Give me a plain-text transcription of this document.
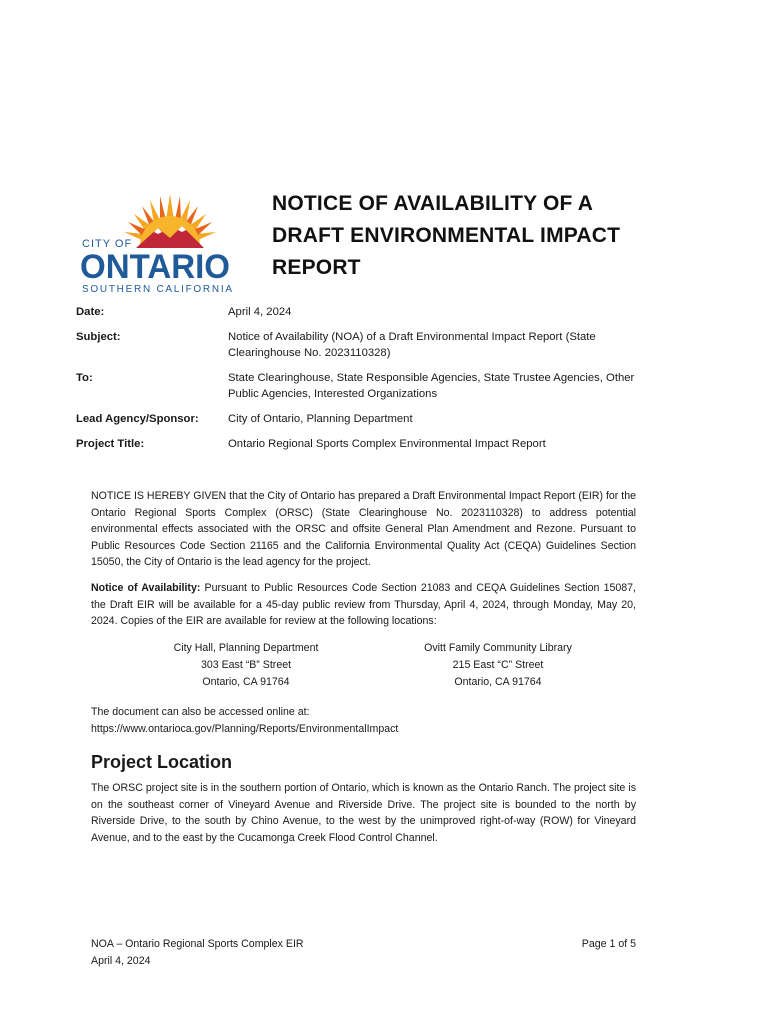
CITY OF
ONTARIO
SOUTHERN CALIFORNIA
NOTICE OF AVAILABILITY OF A
DRAFT ENVIRONMENTAL IMPACT
REPORT
Date:	April 4, 2024
Subject:	Notice of Availability (NOA) of a Draft Environmental Impact Report (State Clearinghouse No. 2023110328)
To:	State Clearinghouse, State Responsible Agencies, State Trustee Agencies, Other Public Agencies, Interested Organizations
Lead Agency/Sponsor:	City of Ontario, Planning Department
Project Title:	Ontario Regional Sports Complex Environmental Impact Report
NOTICE IS HEREBY GIVEN that the City of Ontario has prepared a Draft Environmental Impact Report (EIR) for the Ontario Regional Sports Complex (ORSC) (State Clearinghouse No. 2023110328) to address potential environmental effects associated with the ORSC and offsite General Plan Amendment and Rezone. Pursuant to Public Resources Code Section 21165 and the California Environmental Quality Act (CEQA) Guidelines Section 15050, the City of Ontario is the lead agency for the project.
Notice of Availability: Pursuant to Public Resources Code Section 21083 and CEQA Guidelines Section 15087, the Draft EIR will be available for a 45-day public review from Thursday, April 4, 2024, through Monday, May 20, 2024. Copies of the EIR are available for review at the following locations:
City Hall, Planning Department
303 East “B” Street
Ontario, CA 91764
Ovitt Family Community Library
215 East “C” Street
Ontario, CA 91764
The document can also be accessed online at:
https://www.ontarioca.gov/Planning/Reports/EnvironmentalImpact
Project Location
The ORSC project site is in the southern portion of Ontario, which is known as the Ontario Ranch. The project site is on the southeast corner of Vineyard Avenue and Riverside Drive. The project site is bounded to the north by Riverside Drive, to the south by Chino Avenue, to the west by the unimproved right-of-way (ROW) for Vineyard Avenue, and to the east by the Cucamonga Creek Flood Control Channel.
NOA – Ontario Regional Sports Complex EIR
April 4, 2024
Page 1 of 5
